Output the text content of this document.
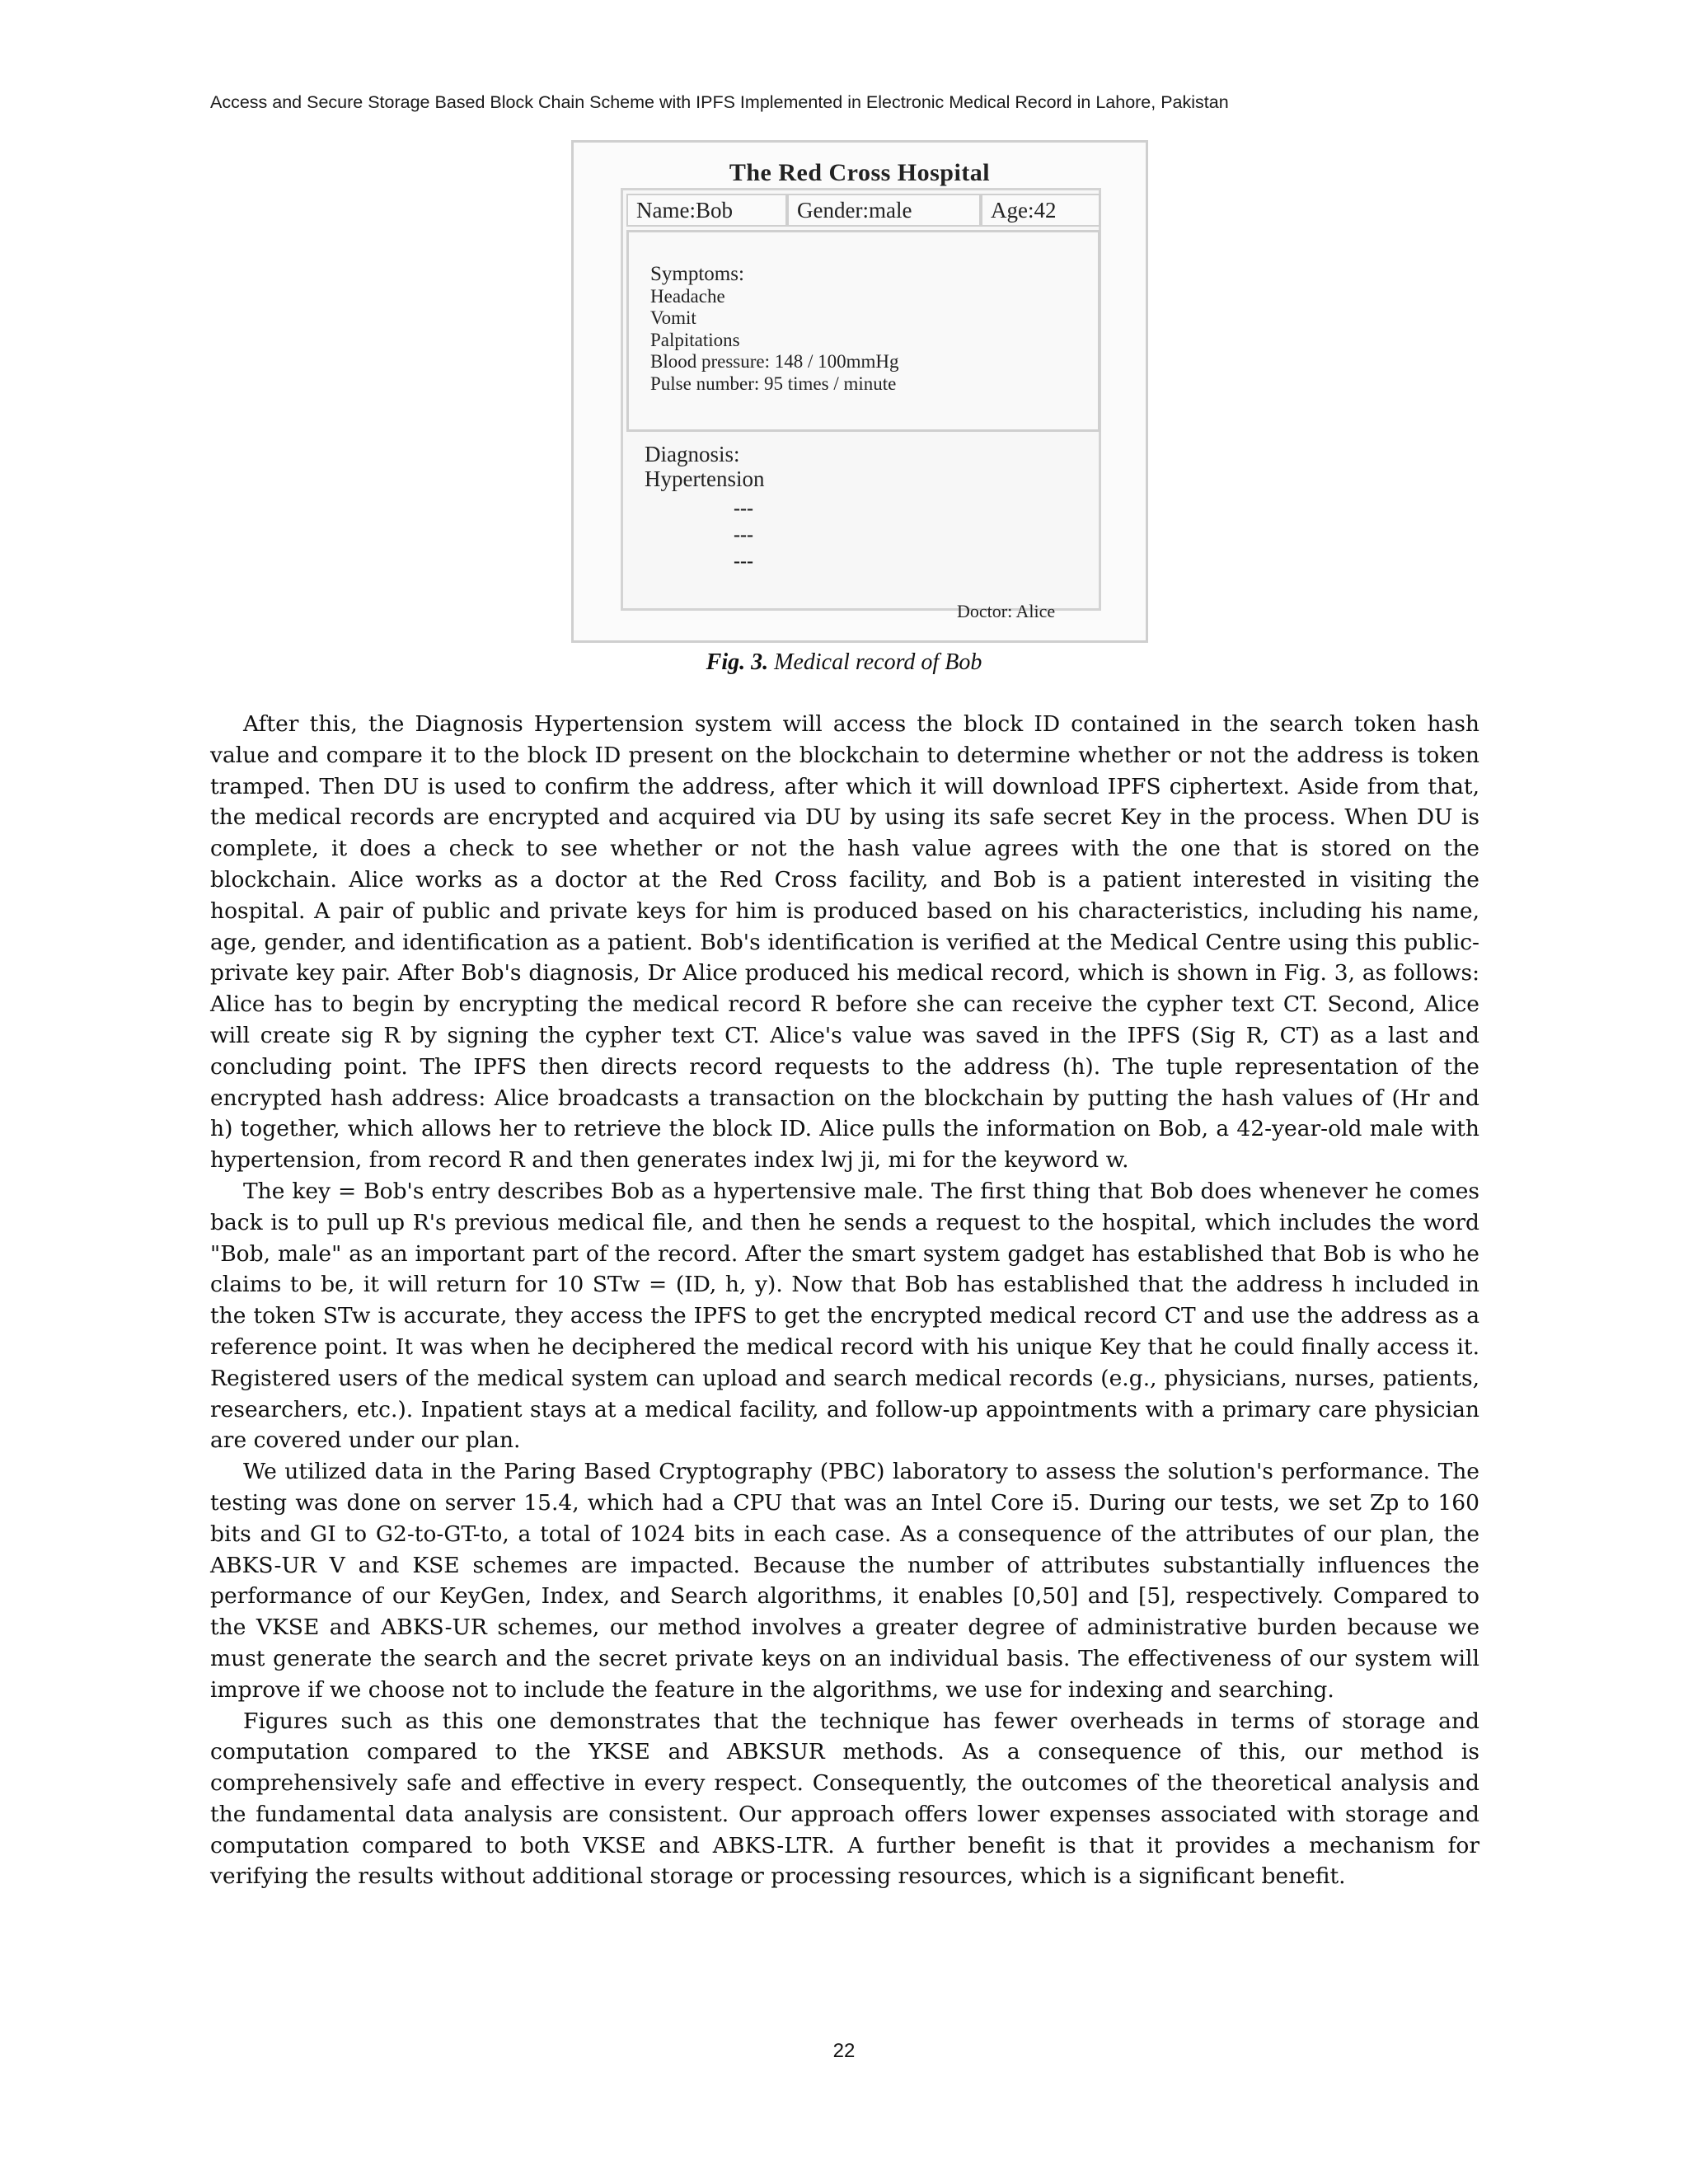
Access and Secure Storage Based Block Chain Scheme with IPFS Implemented in Electronic Medical Record in Lahore, Pakistan
The Red Cross Hospital
Name:Bob	Gender:male	Age:42
Symptoms:
Headache
Vomit
Palpitations
Blood pressure: 148 / 100mmHg
Pulse number: 95 times / minute
Diagnosis:
Hypertension
---
---
---
Doctor: Alice
Fig. 3. Medical record of Bob

After this, the Diagnosis Hypertension system will access the block ID contained in the search token hash value and compare it to the block ID present on the blockchain to determine whether or not the address is token tramped. Then DU is used to confirm the address, after which it will download IPFS ciphertext. Aside from that, the medical records are encrypted and acquired via DU by using its safe secret Key in the process. When DU is complete, it does a check to see whether or not the hash value agrees with the one that is stored on the blockchain. Alice works as a doctor at the Red Cross facility, and Bob is a patient interested in visiting the hospital. A pair of public and private keys for him is produced based on his characteristics, including his name, age, gender, and identification as a patient. Bob's identification is verified at the Medical Centre using this public-private key pair. After Bob's diagnosis, Dr Alice produced his medical record, which is shown in Fig. 3, as follows: Alice has to begin by encrypting the medical record R before she can receive the cypher text CT. Second, Alice will create sig R by signing the cypher text CT. Alice's value was saved in the IPFS (Sig R, CT) as a last and concluding point. The IPFS then directs record requests to the address (h). The tuple representation of the encrypted hash address: Alice broadcasts a transaction on the blockchain by putting the hash values of (Hr and h) together, which allows her to retrieve the block ID. Alice pulls the information on Bob, a 42-year-old male with hypertension, from record R and then generates index lwj ji, mi for the keyword w.

The key = Bob's entry describes Bob as a hypertensive male. The first thing that Bob does whenever he comes back is to pull up R's previous medical file, and then he sends a request to the hospital, which includes the word "Bob, male" as an important part of the record. After the smart system gadget has established that Bob is who he claims to be, it will return for 10 STw = (ID, h, y). Now that Bob has established that the address h included in the token STw is accurate, they access the IPFS to get the encrypted medical record CT and use the address as a reference point. It was when he deciphered the medical record with his unique Key that he could finally access it. Registered users of the medical system can upload and search medical records (e.g., physicians, nurses, patients, researchers, etc.). Inpatient stays at a medical facility, and follow-up appointments with a primary care physician are covered under our plan.

We utilized data in the Paring Based Cryptography (PBC) laboratory to assess the solution's performance. The testing was done on server 15.4, which had a CPU that was an Intel Core i5. During our tests, we set Zp to 160 bits and GI to G2-to-GT-to, a total of 1024 bits in each case. As a consequence of the attributes of our plan, the ABKS-UR V and KSE schemes are impacted. Because the number of attributes substantially influences the performance of our KeyGen, Index, and Search algorithms, it enables [0,50] and [5], respectively. Compared to the VKSE and ABKS-UR schemes, our method involves a greater degree of administrative burden because we must generate the search and the secret private keys on an individual basis. The effectiveness of our system will improve if we choose not to include the feature in the algorithms, we use for indexing and searching.

Figures such as this one demonstrates that the technique has fewer overheads in terms of storage and computation compared to the YKSE and ABKSUR methods. As a consequence of this, our method is comprehensively safe and effective in every respect. Consequently, the outcomes of the theoretical analysis and the fundamental data analysis are consistent. Our approach offers lower expenses associated with storage and computation compared to both VKSE and ABKS-LTR. A further benefit is that it provides a mechanism for verifying the results without additional storage or processing resources, which is a significant benefit.

22
